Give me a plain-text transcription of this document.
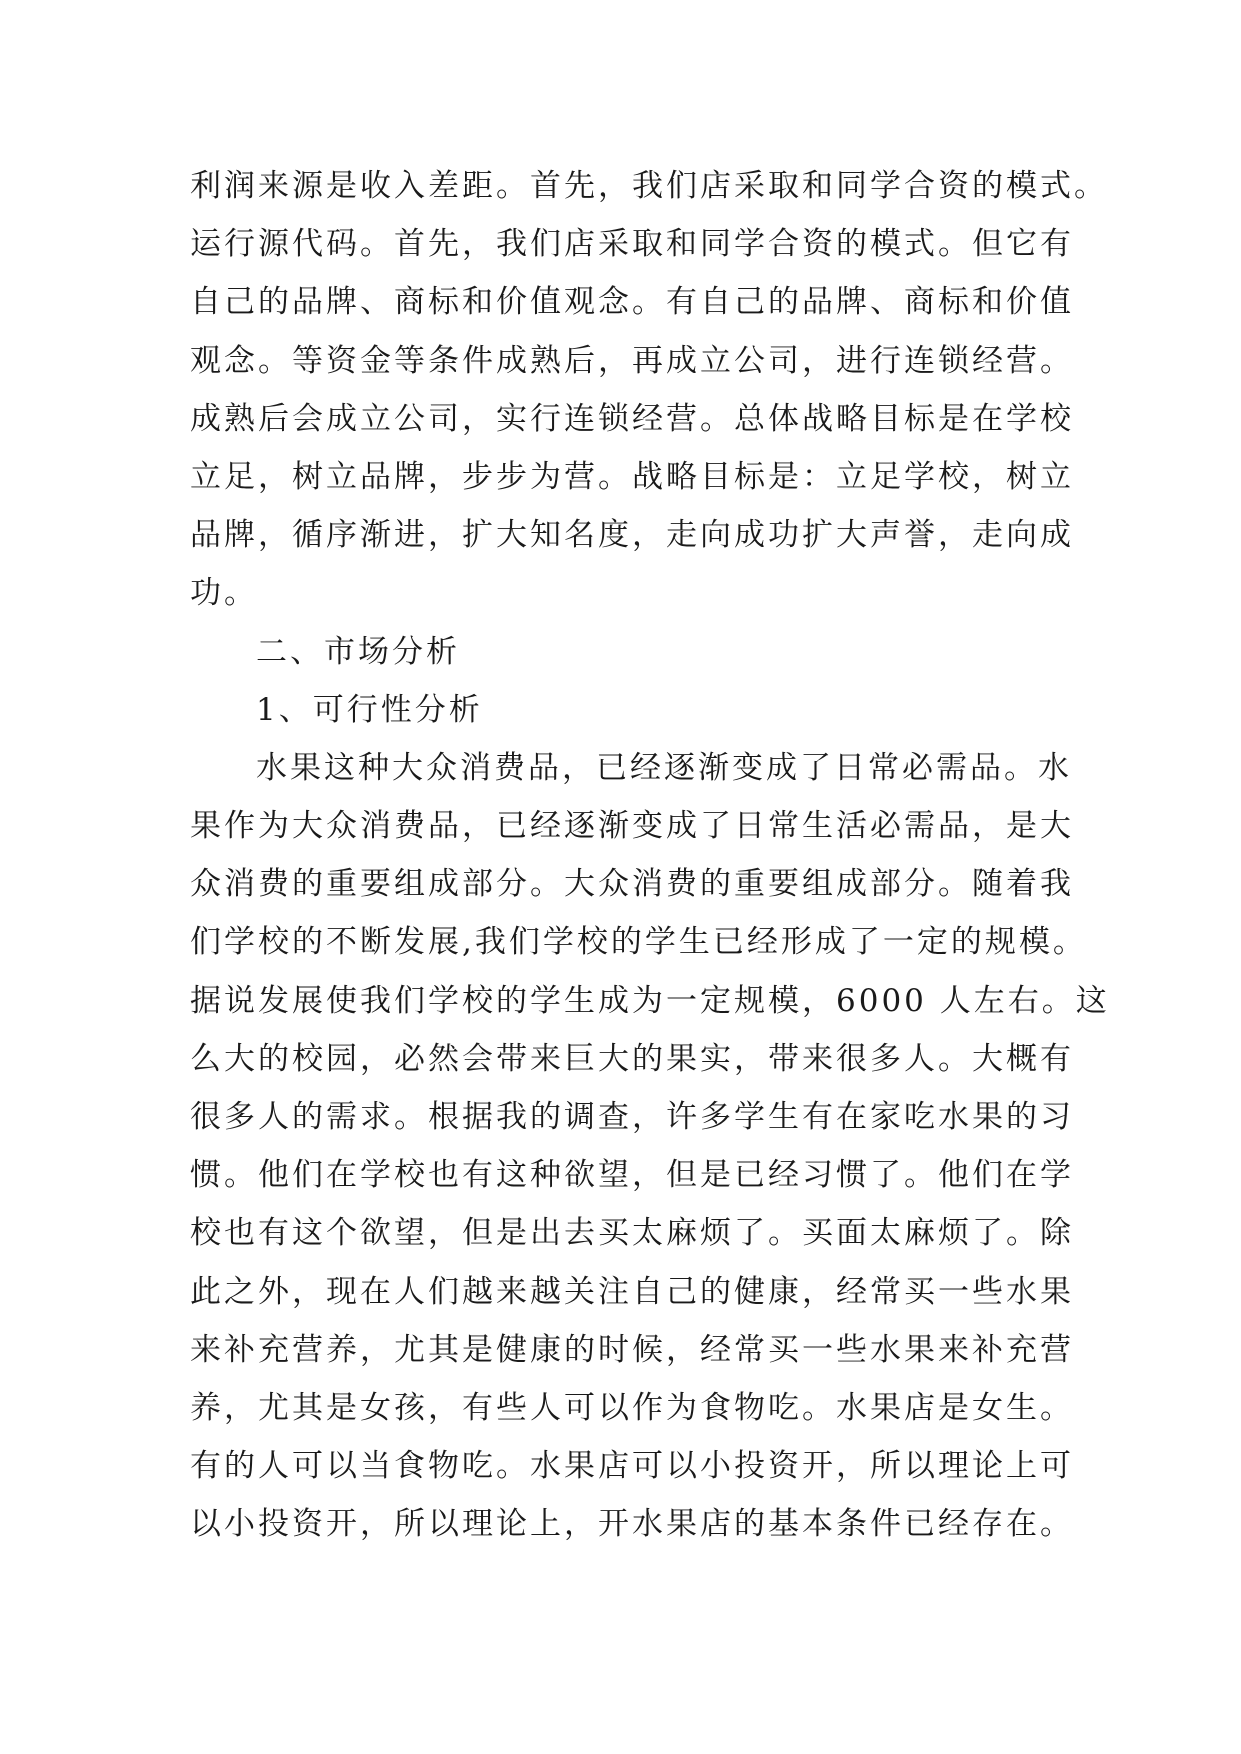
利润来源是收入差距。首先，我们店采取和同学合资的模式。
运行源代码。首先，我们店采取和同学合资的模式。但它有
自己的品牌、商标和价值观念。有自己的品牌、商标和价值
观念。等资金等条件成熟后，再成立公司，进行连锁经营。
成熟后会成立公司，实行连锁经营。总体战略目标是在学校
立足，树立品牌，步步为营。战略目标是：立足学校，树立
品牌，循序渐进，扩大知名度，走向成功扩大声誉，走向成
功。
二、市场分析
1、可行性分析
水果这种大众消费品，已经逐渐变成了日常必需品。水
果作为大众消费品，已经逐渐变成了日常生活必需品，是大
众消费的重要组成部分。大众消费的重要组成部分。随着我
们学校的不断发展,我们学校的学生已经形成了一定的规模。
据说发展使我们学校的学生成为一定规模，6000 人左右。这
么大的校园，必然会带来巨大的果实，带来很多人。大概有
很多人的需求。根据我的调查，许多学生有在家吃水果的习
惯。他们在学校也有这种欲望，但是已经习惯了。他们在学
校也有这个欲望，但是出去买太麻烦了。买面太麻烦了。除
此之外，现在人们越来越关注自己的健康，经常买一些水果
来补充营养，尤其是健康的时候，经常买一些水果来补充营
养，尤其是女孩，有些人可以作为食物吃。水果店是女生。
有的人可以当食物吃。水果店可以小投资开，所以理论上可
以小投资开，所以理论上，开水果店的基本条件已经存在。
